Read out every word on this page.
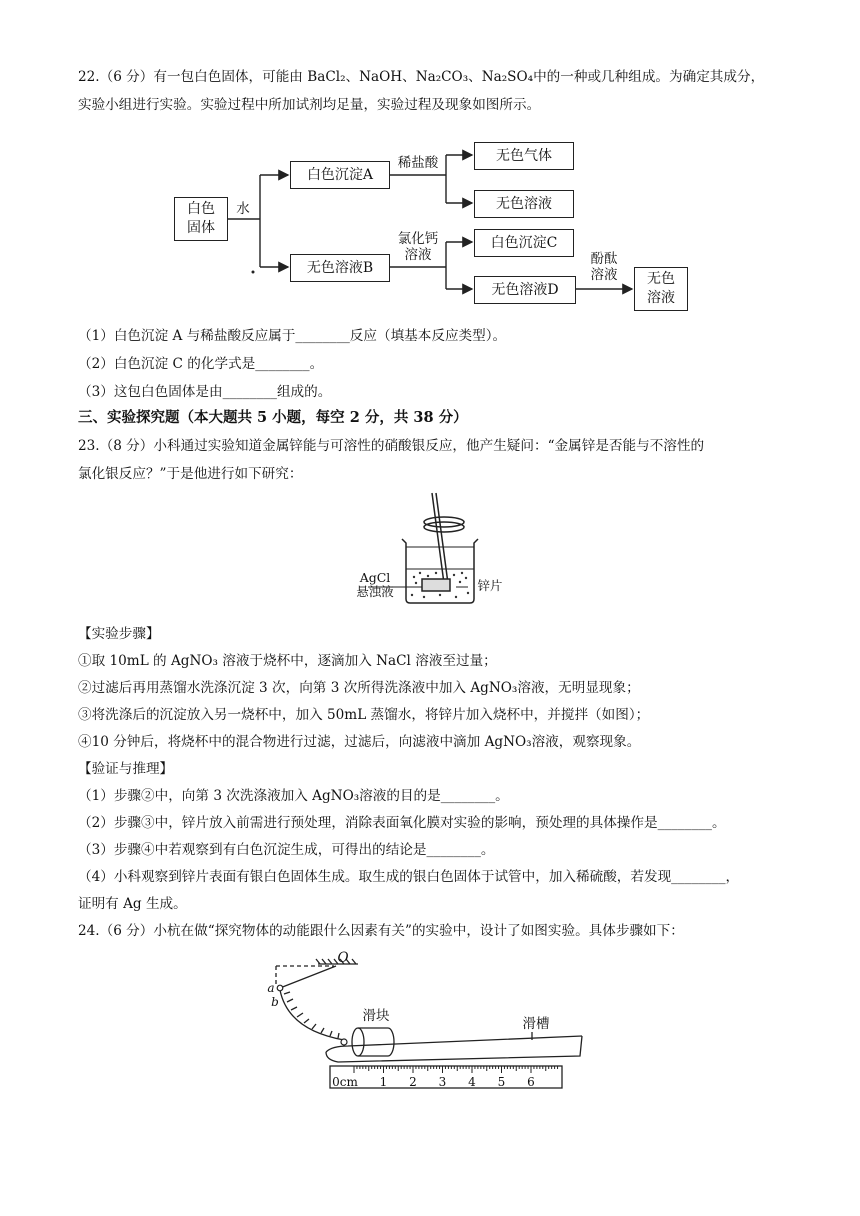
22.（6 分）有一包白色固体，可能由 BaCl₂、NaOH、Na₂CO₃、Na₂SO₄中的一种或几种组成。为确定其成分，
实验小组进行实验。实验过程中所加试剂均足量，实验过程及现象如图所示。
白色
固体
水
白色沉淀A
稀盐酸	无色气体
无色溶液
无色溶液B
氯化钙
溶液
白色沉淀C
无色溶液D
酚酞
溶液	无色
溶液
（1）白色沉淀 A 与稀盐酸反应属于________反应（填基本反应类型）。
（2）白色沉淀 C 的化学式是________。
（3）这包白色固体是由________组成的。
三、实验探究题（本大题共 5 小题，每空 2 分，共 38 分）
23.（8 分）小科通过实验知道金属锌能与可溶性的硝酸银反应，他产生疑问：“金属锌是否能与不溶性的
氯化银反应？”于是他进行如下研究：
AgCl
悬浊液	锌片
【实验步骤】
①取 10mL 的 AgNO₃ 溶液于烧杯中，逐滴加入 NaCl 溶液至过量；
②过滤后再用蒸馏水洗涤沉淀 3 次，向第 3 次所得洗涤液中加入 AgNO₃溶液，无明显现象；
③将洗涤后的沉淀放入另一烧杯中，加入 50mL 蒸馏水，将锌片加入烧杯中，并搅拌（如图）；
④10 分钟后，将烧杯中的混合物进行过滤，过滤后，向滤液中滴加 AgNO₃溶液，观察现象。
【验证与推理】
（1）步骤②中，向第 3 次洗涤液加入 AgNO₃溶液的目的是________。
（2）步骤③中，锌片放入前需进行预处理，消除表面氧化膜对实验的影响，预处理的具体操作是________。
（3）步骤④中若观察到有白色沉淀生成，可得出的结论是________。
（4）小科观察到锌片表面有银白色固体生成。取生成的银白色固体于试管中，加入稀硫酸，若发现________，
证明有 Ag 生成。
24.（6 分）小杭在做“探究物体的动能跟什么因素有关”的实验中，设计了如图实验。具体步骤如下：
O
a
b
滑块	滑槽
0cm 1 2 3 4 5 6
